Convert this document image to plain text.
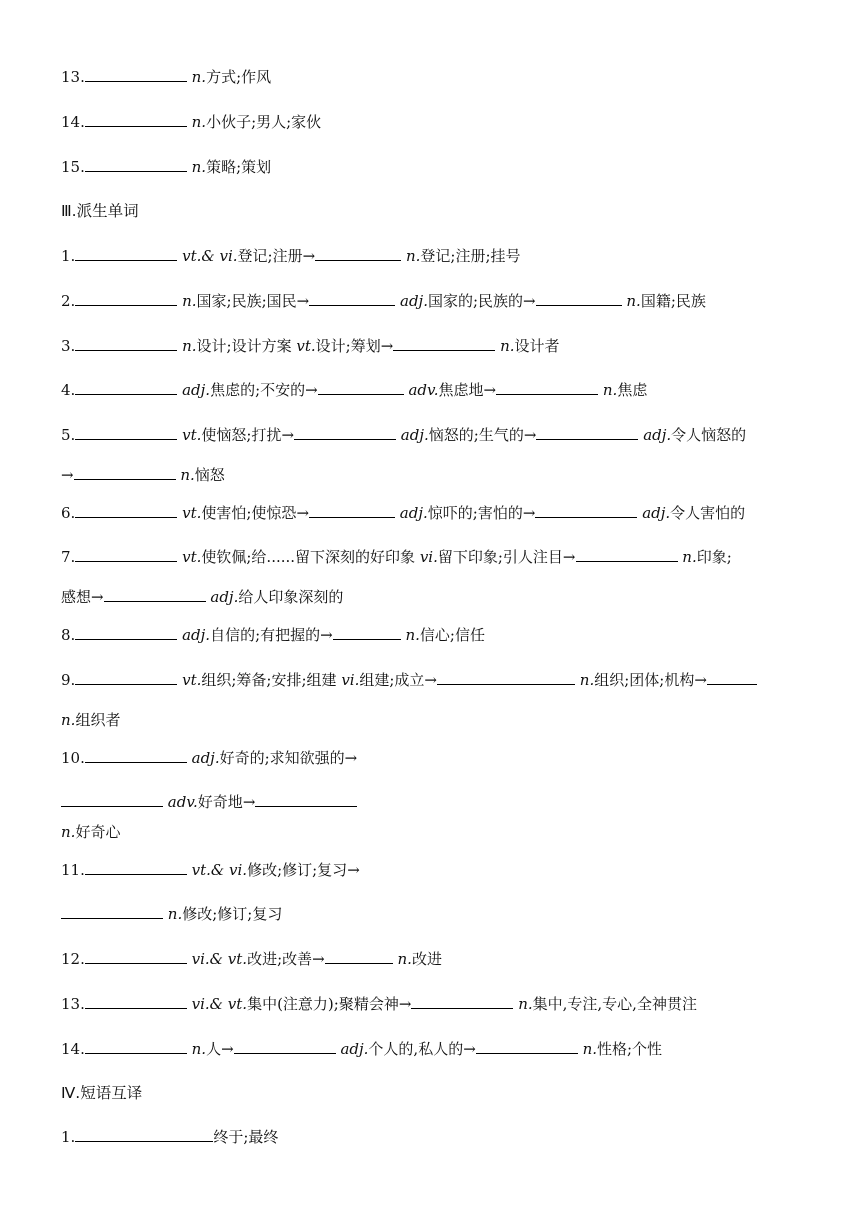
13.	n.方式;作风
14.	n.小伙子;男人;家伙
15.	n.策略;策划
Ⅲ.派生单词
1.	vt.& vi.登记;注册→	n.登记;注册;挂号
2.	n.国家;民族;国民→	adj.国家的;民族的→	n.国籍;民族
3.	n.设计;设计方案 vt.设计;筹划→	n.设计者
4.	adj.焦虑的;不安的→	adv.焦虑地→	n.焦虑
5.	vt.使恼怒;打扰→	adj.恼怒的;生气的→	adj.令人恼怒的
→	n.恼怒
6.	vt.使害怕;使惊恐→	adj.惊吓的;害怕的→	adj.令人害怕的
7.	vt.使钦佩;给......留下深刻的好印象 vi.留下印象;引人注目→	n.印象;
感想→	adj.给人印象深刻的
8.	adj.自信的;有把握的→	n.信心;信任
9.	vt.组织;筹备;安排;组建 vi.组建;成立→	n.组织;团体;机构→
n.组织者
10.	adj.好奇的;求知欲强的→
adv.好奇地→
n.好奇心
11.	vt.& vi.修改;修订;复习→
n.修改;修订;复习
12.	vi.& vt.改进;改善→	n.改进
13.	vi.& vt.集中(注意力);聚精会神→	n.集中,专注,专心,全神贯注
14.	n.人→	adj.个人的,私人的→	n.性格;个性
Ⅳ.短语互译
1.	终于;最终
